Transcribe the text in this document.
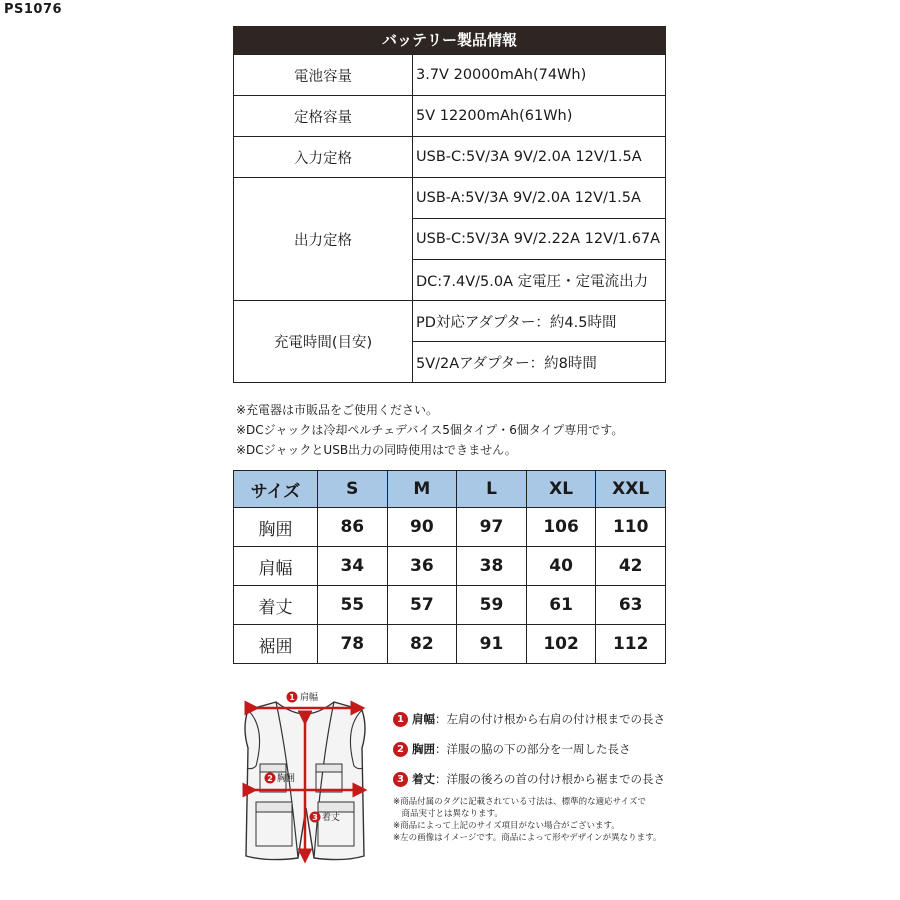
PS1076
バッテリー製品情報
電池容量	3.7V 20000mAh(74Wh)
定格容量	5V 12200mAh(61Wh)
入力定格	USB-C:5V/3A 9V/2.0A 12V/1.5A
出力定格	USB-A:5V/3A 9V/2.0A 12V/1.5A
	USB-C:5V/3A 9V/2.22A 12V/1.67A
	DC:7.4V/5.0A 定電圧・定電流出力
充電時間(目安)	PD対応アダプター：約4.5時間
	5V/2Aアダプター：約8時間
※充電器は市販品をご使用ください。
※DCジャックは冷却ペルチェデバイス5個タイプ・6個タイプ専用です。
※DCジャックとUSB出力の同時使用はできません。
サイズ	S	M	L	XL	XXL
胸囲	86	90	97	106	110
肩幅	34	36	38	40	42
着丈	55	57	59	61	63
裾囲	78	82	91	102	112
1 肩幅
2 胸囲
3 着丈
1 肩幅：左肩の付け根から右肩の付け根までの長さ
2 胸囲：洋服の脇の下の部分を一周した長さ
3 着丈：洋服の後ろの首の付け根から裾までの長さ
※商品付属のタグに記載されている寸法は、標準的な適応サイズで
　商品実寸とは異なります。
※商品によって上記のサイズ項目がない場合がございます。
※左の画像はイメージです。商品によって形やデザインが異なります。
